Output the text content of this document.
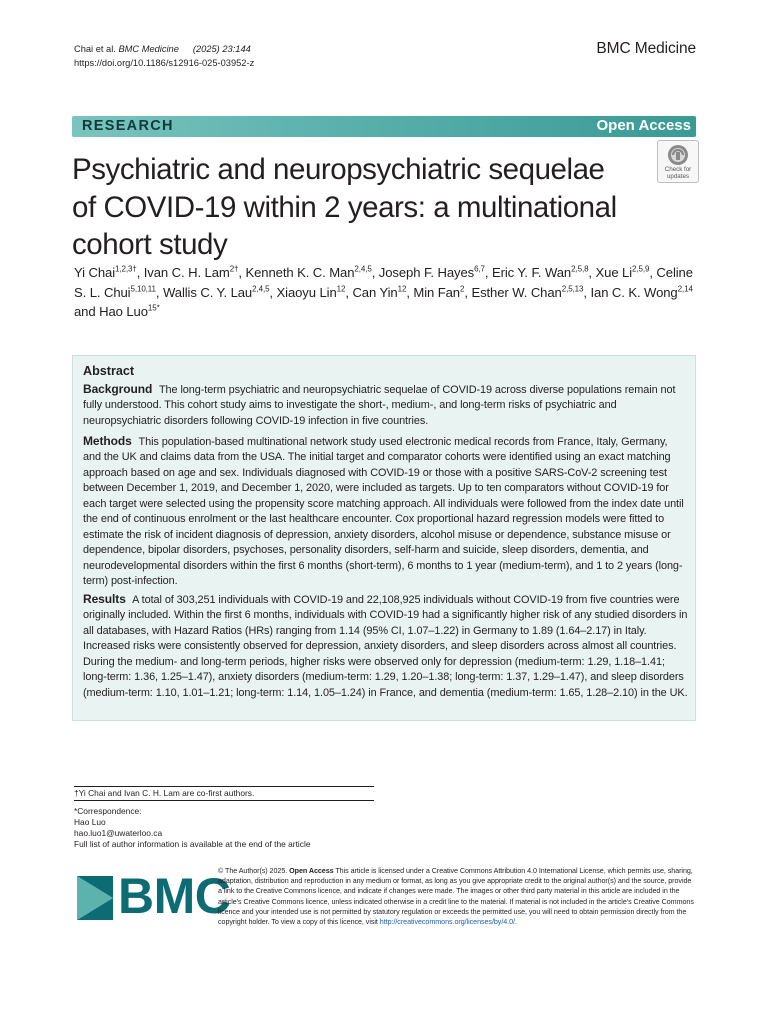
Chai et al. BMC Medicine (2025) 23:144
https://doi.org/10.1186/s12916-025-03952-z
BMC Medicine
RESEARCH	Open Access
Psychiatric and neuropsychiatric sequelae
of COVID-19 within 2 years: a multinational
cohort study
Check for
updates
Yi Chai$^{1,2,3\dagger}$, Ivan C. H. Lam$^{2\dagger}$, Kenneth K. C. Man$^{2,4,5}$, Joseph F. Hayes$^{6,7}$, Eric Y. F. Wan$^{2,5,8}$, Xue Li$^{2,5,9}$, Celine S. L. Chui$^{5,10,11}$, Wallis C. Y. Lau$^{2,4,5}$, Xiaoyu Lin$^{12}$, Can Yin$^{12}$, Min Fan$^2$, Esther W. Chan$^{2,5,13}$, Ian C. K. Wong$^{2,14}$ and Hao Luo$^{15*}$
Abstract
Background The long-term psychiatric and neuropsychiatric sequelae of COVID-19 across diverse populations remain not fully understood. This cohort study aims to investigate the short-, medium-, and long-term risks of psychiatric and neuropsychiatric disorders following COVID-19 infection in five countries.
Methods This population-based multinational network study used electronic medical records from France, Italy, Germany, and the UK and claims data from the USA. The initial target and comparator cohorts were identified using an exact matching approach based on age and sex. Individuals diagnosed with COVID-19 or those with a positive SARS-CoV-2 screening test between December 1, 2019, and December 1, 2020, were included as targets. Up to ten comparators without COVID-19 for each target were selected using the propensity score matching approach. All individuals were followed from the index date until the end of continuous enrolment or the last healthcare encounter. Cox proportional hazard regression models were fitted to estimate the risk of incident diagnosis of depression, anxiety disorders, alcohol misuse or dependence, substance misuse or dependence, bipolar disorders, psychoses, personality disorders, self-harm and suicide, sleep disorders, dementia, and neurodevelopmental disorders within the first 6 months (short-term), 6 months to 1 year (medium-term), and 1 to 2 years (long-term) post-infection.
Results A total of 303,251 individuals with COVID-19 and 22,108,925 individuals without COVID-19 from five countries were originally included. Within the first 6 months, individuals with COVID-19 had a significantly higher risk of any studied disorders in all databases, with Hazard Ratios (HRs) ranging from 1.14 (95% CI, 1.07–1.22) in Germany to 1.89 (1.64–2.17) in Italy. Increased risks were consistently observed for depression, anxiety disorders, and sleep disorders across almost all countries. During the medium- and long-term periods, higher risks were observed only for depression (medium-term: 1.29, 1.18–1.41; long-term: 1.36, 1.25–1.47), anxiety disorders (medium-term: 1.29, 1.20–1.38; long-term: 1.37, 1.29–1.47), and sleep disorders (medium-term: 1.10, 1.01–1.21; long-term: 1.14, 1.05–1.24) in France, and dementia (medium-term: 1.65, 1.28–2.10) in the UK.
†Yi Chai and Ivan C. H. Lam are co-first authors.
*Correspondence:
Hao Luo
hao.luo1@uwaterloo.ca
Full list of author information is available at the end of the article
BMC
© The Author(s) 2025. Open Access This article is licensed under a Creative Commons Attribution 4.0 International License, which permits use, sharing, adaptation, distribution and reproduction in any medium or format, as long as you give appropriate credit to the original author(s) and the source, provide a link to the Creative Commons licence, and indicate if changes were made. The images or other third party material in this article are included in the article's Creative Commons licence, unless indicated otherwise in a credit line to the material. If material is not included in the article's Creative Commons licence and your intended use is not permitted by statutory regulation or exceeds the permitted use, you will need to obtain permission directly from the copyright holder. To view a copy of this licence, visit http://creativecommons.org/licenses/by/4.0/.
